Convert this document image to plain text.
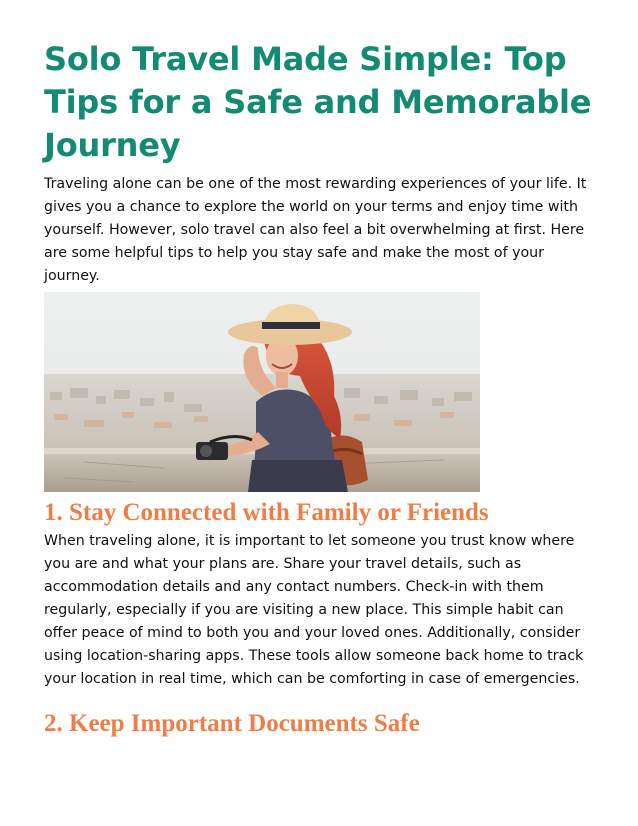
Solo Travel Made Simple: Top Tips for a Safe and Memorable Journey

Traveling alone can be one of the most rewarding experiences of your life. It gives you a chance to explore the world on your terms and enjoy time with yourself. However, solo travel can also feel a bit overwhelming at first. Here are some helpful tips to help you stay safe and make the most of your journey.

1. Stay Connected with Family or Friends

When traveling alone, it is important to let someone you trust know where you are and what your plans are. Share your travel details, such as accommodation details and any contact numbers. Check-in with them regularly, especially if you are visiting a new place. This simple habit can offer peace of mind to both you and your loved ones. Additionally, consider using location-sharing apps. These tools allow someone back home to track your location in real time, which can be comforting in case of emergencies.

2. Keep Important Documents Safe
